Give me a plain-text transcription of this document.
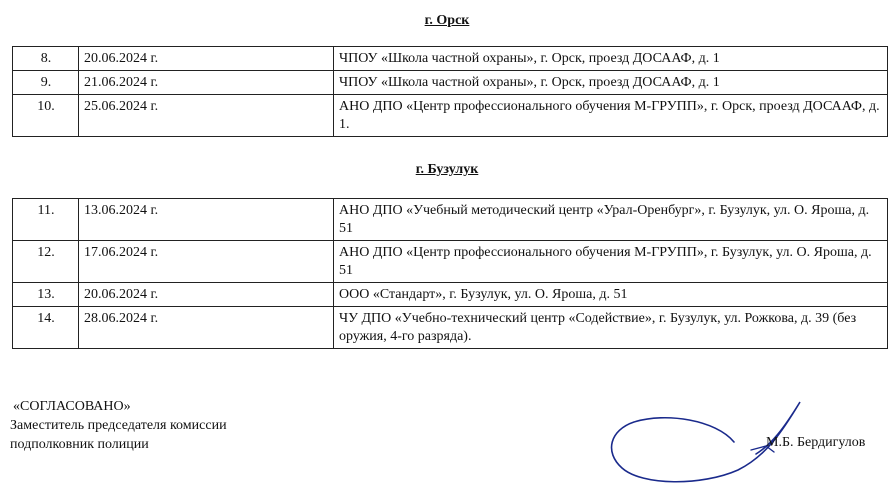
г. Орск
8.	20.06.2024 г.	ЧПОУ «Школа частной охраны», г. Орск, проезд ДОСААФ, д. 1
9.	21.06.2024 г.	ЧПОУ «Школа частной охраны», г. Орск, проезд ДОСААФ, д. 1
10.	25.06.2024 г.	АНО ДПО «Центр профессионального обучения М-ГРУПП», г. Орск, проезд ДОСААФ, д. 1.
г. Бузулук
11.	13.06.2024 г.	АНО ДПО «Учебный методический центр «Урал-Оренбург», г. Бузулук, ул. О. Яроша, д. 51
12.	17.06.2024 г.	АНО ДПО «Центр профессионального обучения М-ГРУПП», г. Бузулук, ул. О. Яроша, д. 51
13.	20.06.2024 г.	ООО «Стандарт», г. Бузулук, ул. О. Яроша, д. 51
14.	28.06.2024 г.	ЧУ ДПО «Учебно-технический центр «Содействие», г. Бузулук, ул. Рожкова, д. 39 (без оружия, 4-го разряда).
«СОГЛАСОВАНО»
Заместитель председателя комиссии
подполковник полиции	М.Б. Бердигулов
